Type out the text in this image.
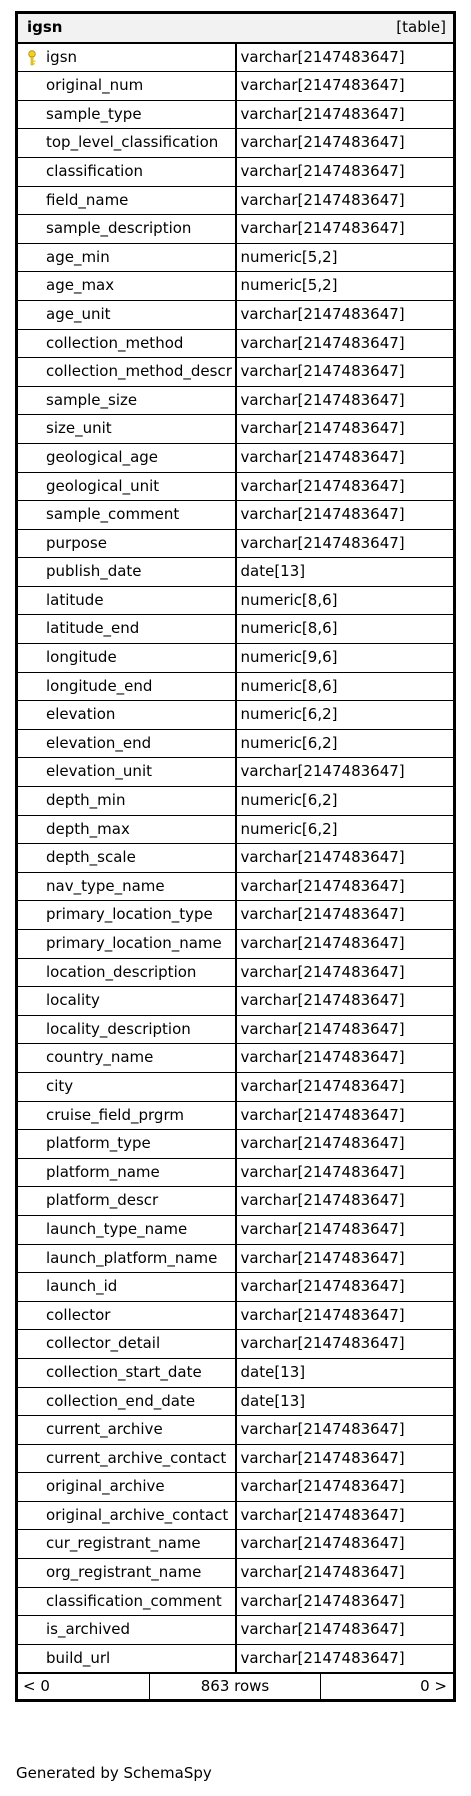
igsn	[table]

igsn	varchar[2147483647]
original_num	varchar[2147483647]
sample_type	varchar[2147483647]
top_level_classification	varchar[2147483647]
classification	varchar[2147483647]
field_name	varchar[2147483647]
sample_description	varchar[2147483647]
age_min	numeric[5,2]
age_max	numeric[5,2]
age_unit	varchar[2147483647]
collection_method	varchar[2147483647]
collection_method_descr	varchar[2147483647]
sample_size	varchar[2147483647]
size_unit	varchar[2147483647]
geological_age	varchar[2147483647]
geological_unit	varchar[2147483647]
sample_comment	varchar[2147483647]
purpose	varchar[2147483647]
publish_date	date[13]
latitude	numeric[8,6]
latitude_end	numeric[8,6]
longitude	numeric[9,6]
longitude_end	numeric[8,6]
elevation	numeric[6,2]
elevation_end	numeric[6,2]
elevation_unit	varchar[2147483647]
depth_min	numeric[6,2]
depth_max	numeric[6,2]
depth_scale	varchar[2147483647]
nav_type_name	varchar[2147483647]
primary_location_type	varchar[2147483647]
primary_location_name	varchar[2147483647]
location_description	varchar[2147483647]
locality	varchar[2147483647]
locality_description	varchar[2147483647]
country_name	varchar[2147483647]
city	varchar[2147483647]
cruise_field_prgrm	varchar[2147483647]
platform_type	varchar[2147483647]
platform_name	varchar[2147483647]
platform_descr	varchar[2147483647]
launch_type_name	varchar[2147483647]
launch_platform_name	varchar[2147483647]
launch_id	varchar[2147483647]
collector	varchar[2147483647]
collector_detail	varchar[2147483647]
collection_start_date	date[13]
collection_end_date	date[13]
current_archive	varchar[2147483647]
current_archive_contact	varchar[2147483647]
original_archive	varchar[2147483647]
original_archive_contact	varchar[2147483647]
cur_registrant_name	varchar[2147483647]
org_registrant_name	varchar[2147483647]
classification_comment	varchar[2147483647]
is_archived	varchar[2147483647]
build_url	varchar[2147483647]

< 0 863 rows 0 >	
Generated by SchemaSpy
